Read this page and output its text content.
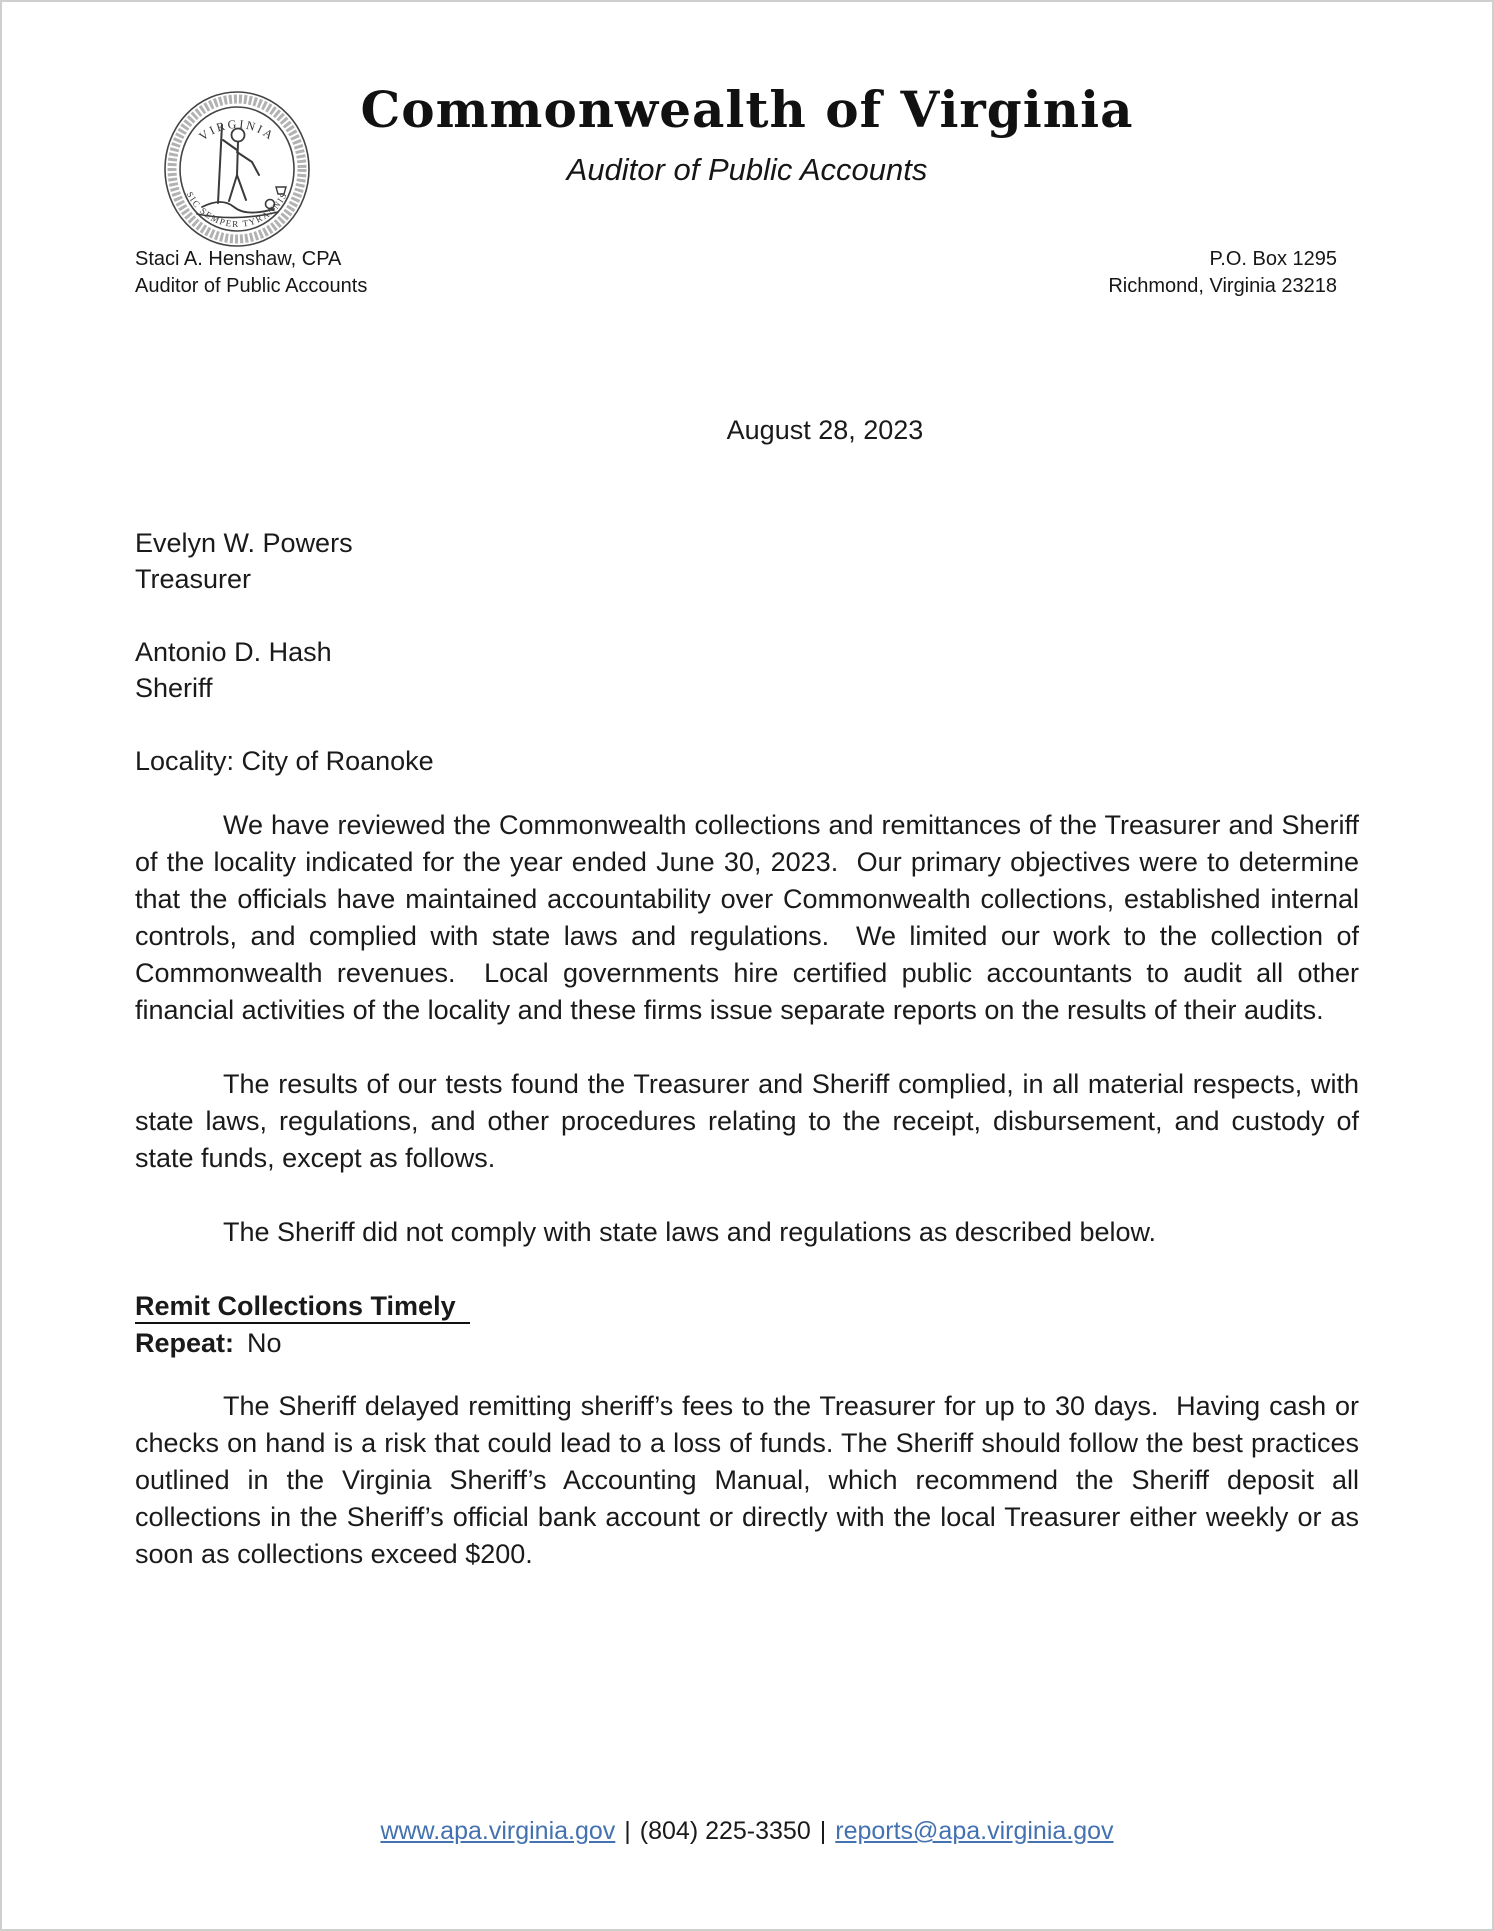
VIRGINIA
SIC SEMPER TYRANNIS
Commonwealth of Virginia
Auditor of Public Accounts
Staci A. Henshaw, CPA
Auditor of Public Accounts
P.O. Box 1295
Richmond, Virginia 23218
August 28, 2023
Evelyn W. Powers
Treasurer
Antonio D. Hash
Sheriff
Locality: City of Roanoke

We have reviewed the Commonwealth collections and remittances of the Treasurer and Sheriff of the locality indicated for the year ended June 30, 2023.  Our primary objectives were to determine that the officials have maintained accountability over Commonwealth collections, established internal controls, and complied with state laws and regulations.  We limited our work to the collection of Commonwealth revenues.  Local governments hire certified public accountants to audit all other financial activities of the locality and these firms issue separate reports on the results of their audits.

The results of our tests found the Treasurer and Sheriff complied, in all material respects, with state laws, regulations, and other procedures relating to the receipt, disbursement, and custody of state funds, except as follows.

The Sheriff did not comply with state laws and regulations as described below.

Remit Collections Timely
Repeat: No

The Sheriff delayed remitting sheriff’s fees to the Treasurer for up to 30 days.  Having cash or checks on hand is a risk that could lead to a loss of funds. The Sheriff should follow the best practices outlined in the Virginia Sheriff’s Accounting Manual, which recommend the Sheriff deposit all collections in the Sheriff’s official bank account or directly with the local Treasurer either weekly or as soon as collections exceed $200.

www.apa.virginia.gov | (804) 225-3350 | reports@apa.virginia.gov
